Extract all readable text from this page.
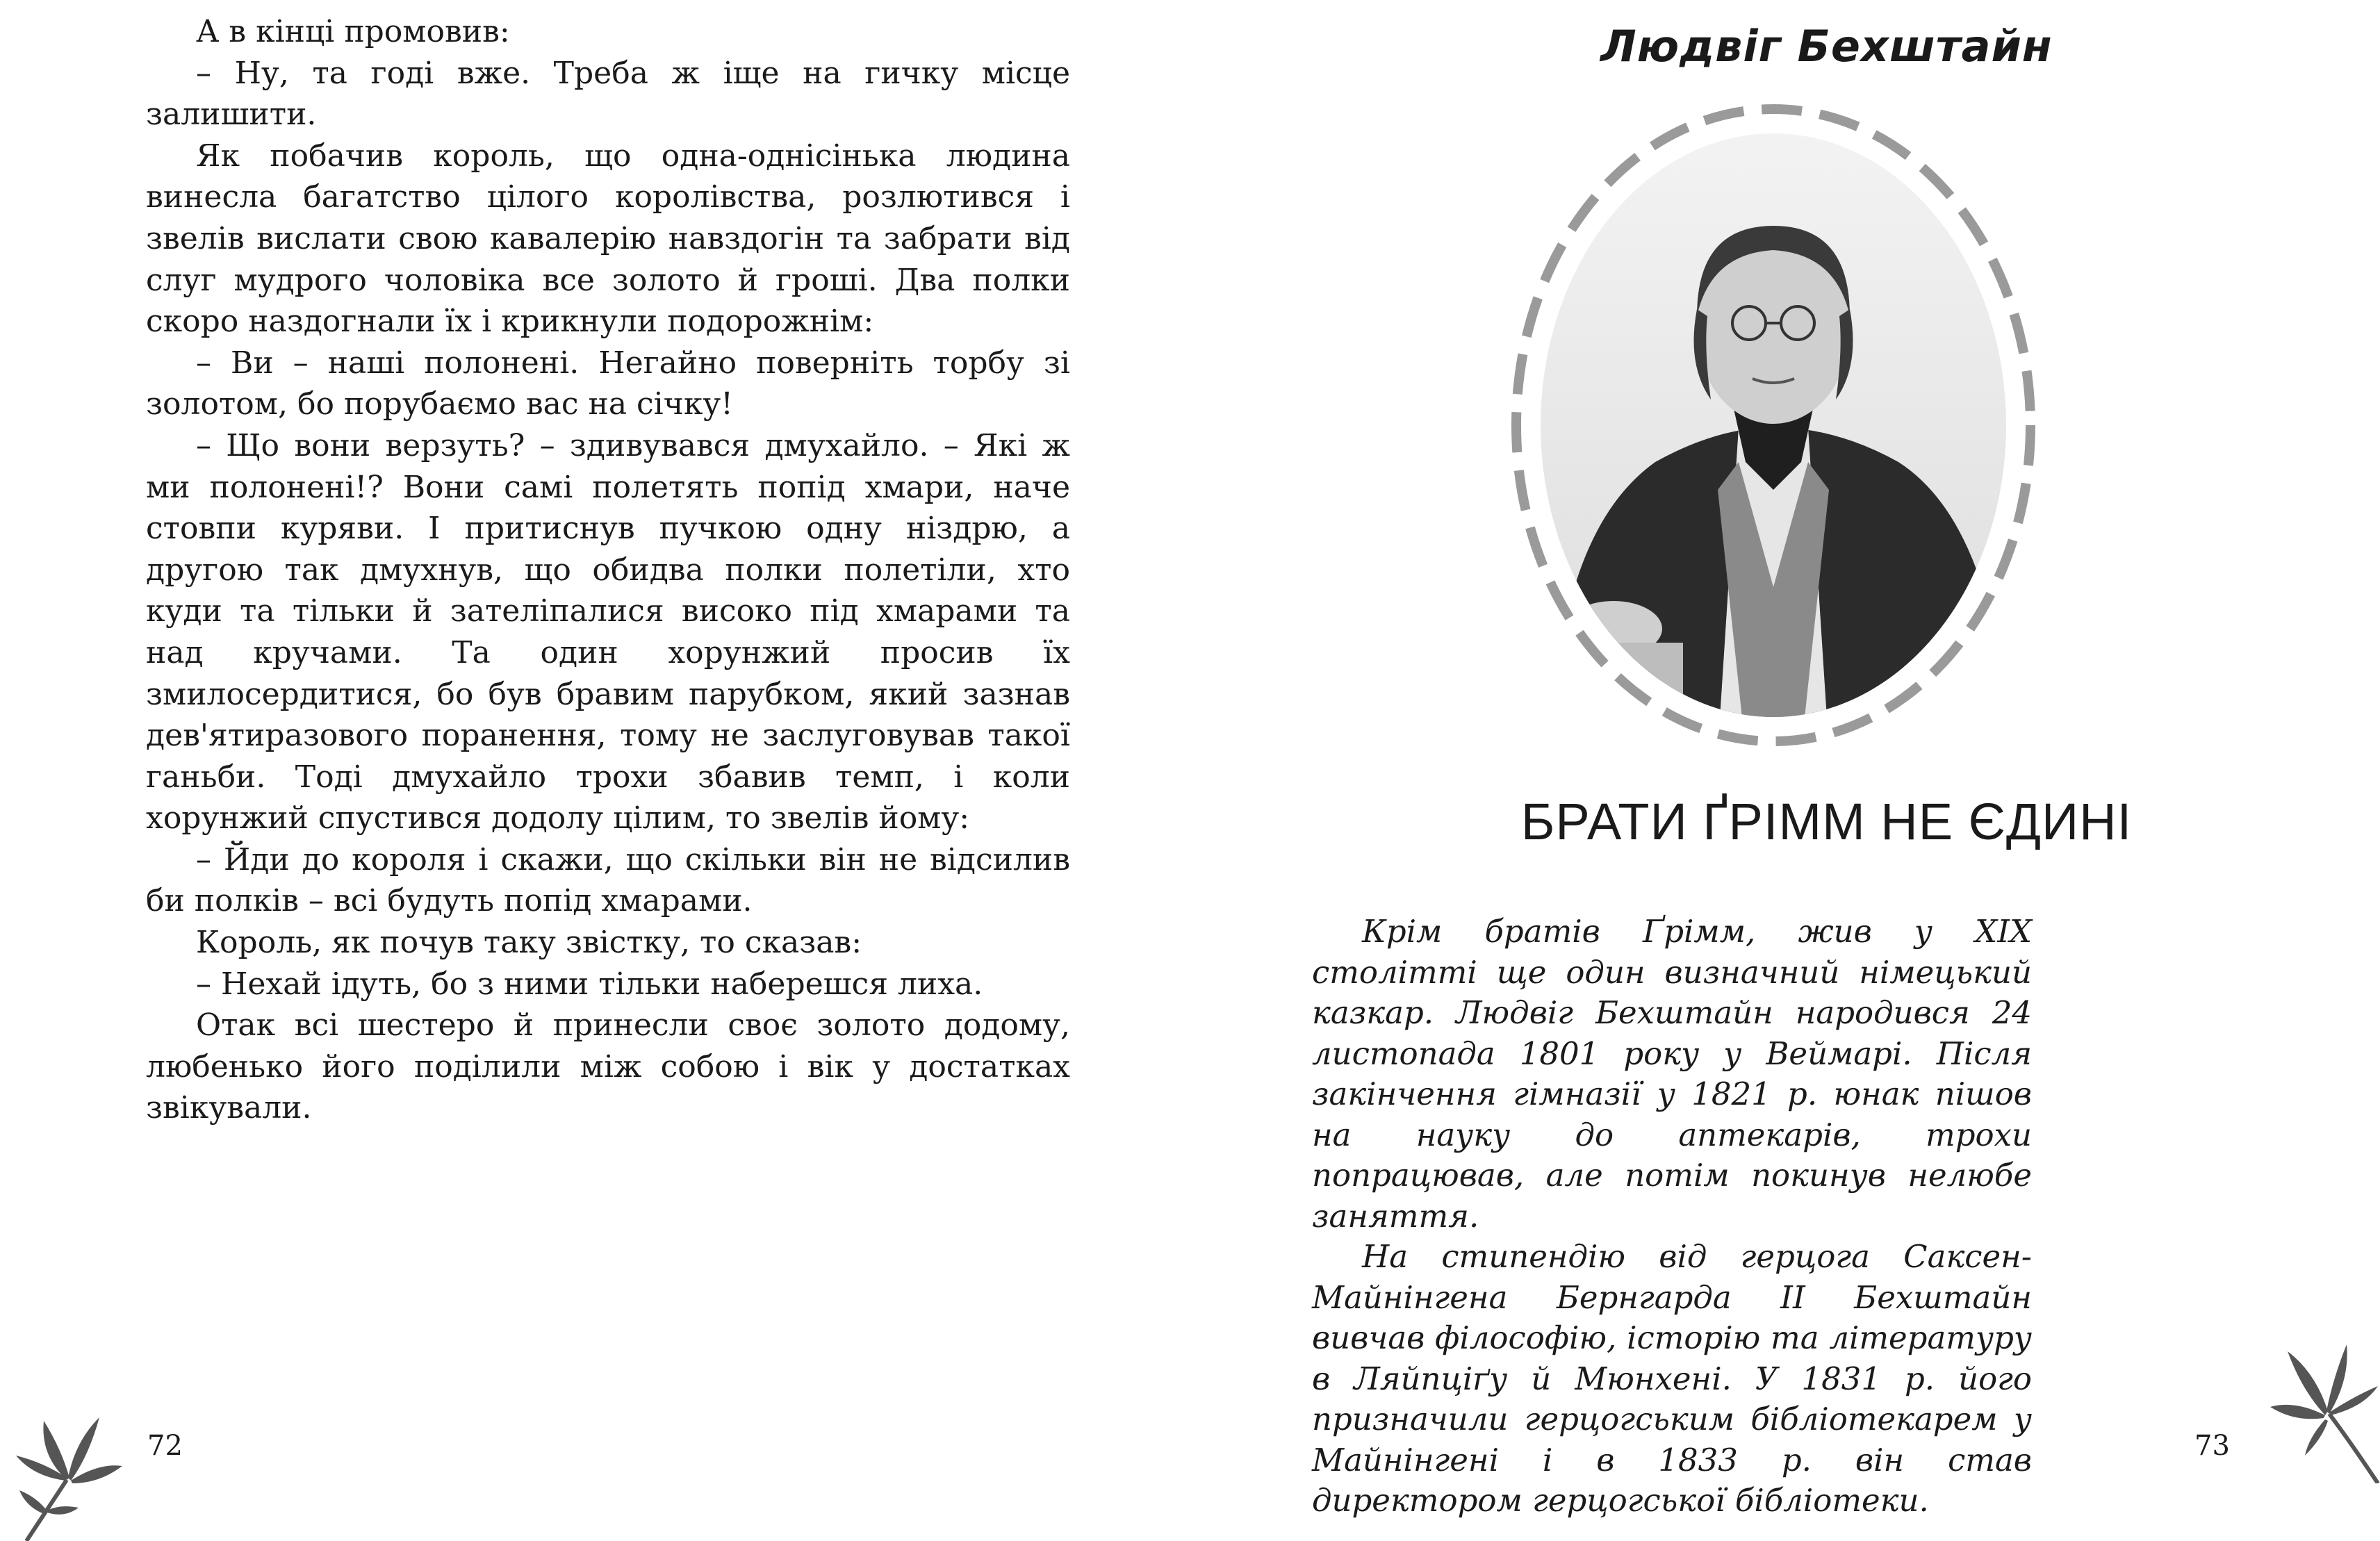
А в кінці промовив:

– Ну, та годі вже. Треба ж іще на гичку місце залишити.

Як побачив король, що одна-однісінька людина винесла багатство цілого королівства, розлютився і звелів вислати свою кавалерію навздогін та забрати від слуг мудрого чоловіка все золото й гроші. Два полки скоро наздогнали їх і крикнули подорожнім:

– Ви – наші полонені. Негайно поверніть торбу зі золотом, бо порубаємо вас на січку!

– Що вони верзуть? – здивувався дмухайло. – Які ж ми полонені!? Вони самі полетять попід хмари, наче стовпи куряви. І притиснув пучкою одну ніздрю, а другою так дмухнув, що обидва полки полетіли, хто куди та тільки й зателіпалися високо під хмарами та над кручами. Та один хорунжий просив їх змилосердитися, бо був бравим парубком, який зазнав дев'ятиразового поранення, тому не заслуговував такої ганьби. Тоді дмухайло трохи збавив темп, і коли хорунжий спустився додолу цілим, то звелів йому:

– Йди до короля і скажи, що скільки він не відсилив би полків – всі будуть попід хмарами.

Король, як почув таку звістку, то сказав:

– Нехай ідуть, бо з ними тільки наберешся лиха.

Отак всі шестеро й принесли своє золото додому, любенько його поділили між собою і вік у достатках звікували.

72
Людвіг Бехштайн
БРАТИ ҐРІММ НЕ ЄДИНІ

Крім братів Ґрімм, жив у XIX столітті ще один визначний німецький казкар. Людвіг Бехштайн народився 24 листопада 1801 року у Веймарі. Після закінчення гімназії у 1821 р. юнак пішов на науку до аптекарів, трохи попрацював, але потім покинув нелюбе заняття.

На стипендію від герцога Саксен-Майнінгена Бернгарда II Бехштайн вивчав філософію, історію та літературу в Ляйпціґу й Мюнхені. У 1831 р. його призначили герцогським бібліотекарем у Майнінгені і в 1833 р. він став директором герцогської бібліотеки.

73
